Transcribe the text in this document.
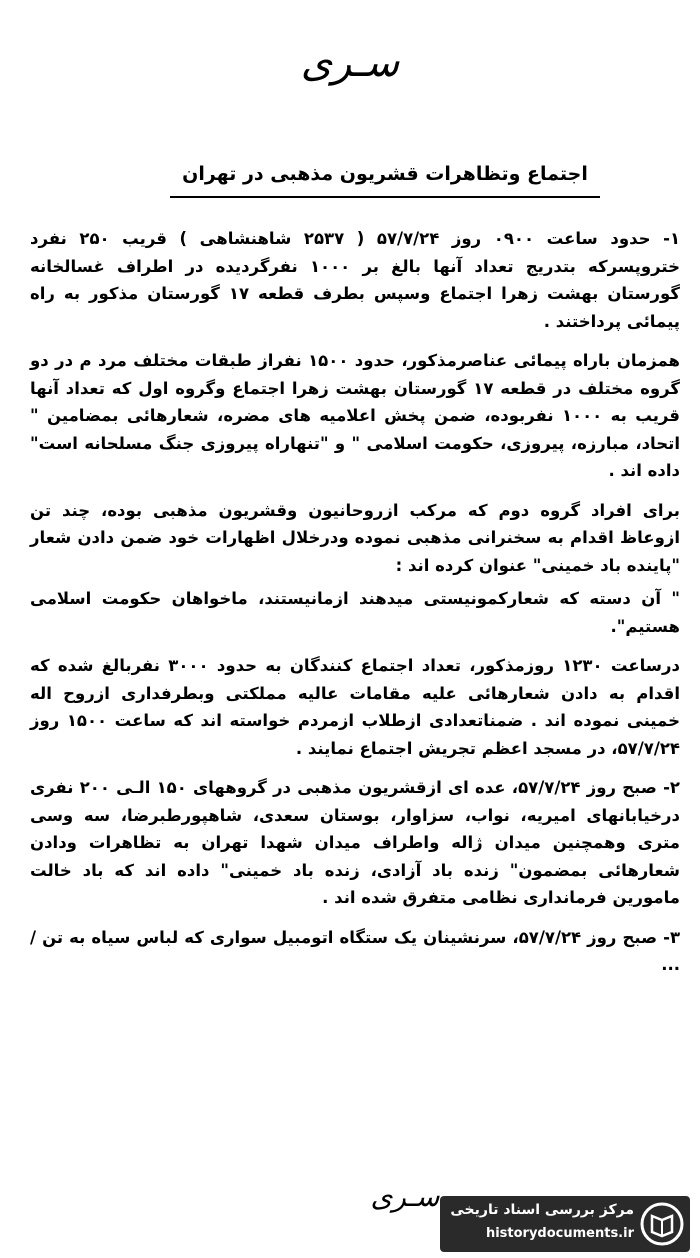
سـرى
اجتماع وتظاهرات قشريون مذهبی در تهران

۱- حدود ساعت ۰۹۰۰ روز ۵۷/۷/۲۴ ( ۲۵۳۷ شاهنشاهی ) قریب ۲۵۰ نفرد ختروپسرکه بتدریج تعداد آنها بالغ بر ۱۰۰۰ نفرگردیده در اطراف غسالخانه گورستان بهشت زهرا اجتماع وسپس بطرف قطعه ۱۷ گورستان مذکور به راه پیمائی پرداختند .

همزمان باراه پیمائی عناصرمذکور، حدود ۱۵۰۰ نفراز طبقات مختلف مرد م در دو گروه مختلف در قطعه ۱۷ گورستان بهشت زهرا اجتماع وگروه اول که تعداد آنها قریب به ۱۰۰۰ نفربوده، ضمن پخش اعلامیه های مضره، شعارهائی بمضامین " اتحاد، مبارزه، پیروزی، حکومت اسلامی " و "تنهاراه پیروزی جنگ مسلحانه است" داده اند .

برای افراد گروه دوم که مرکب ازروحانیون وقشریون مذهبی بوده، چند تن ازوعاظ اقدام به سخنرانی مذهبی نموده ودرخلال اظهارات خود ضمن دادن شعار "پاینده باد خمینی" عنوان کرده اند :

" آن دسته که شعارکمونیستی میدهند ازمانیستند، ماخواهان حکومت اسلامی هستیم".

درساعت ۱۲۳۰ روزمذکور، تعداد اجتماع کنندگان به حدود ۳۰۰۰ نفربالغ شده که اقدام به دادن شعارهائی علیه مقامات عالیه مملکتی وبطرفداری ازروح اله خمینی نموده اند . ضمناتعدادی ازطلاب ازمردم خواسته اند که ساعت ۱۵۰۰ روز ۵۷/۷/۲۴، در مسجد اعظم تجریش اجتماع نمایند .

۲- صبح روز ۵۷/۷/۲۴، عده ای ازقشریون مذهبی در گروههای ۱۵۰ الـی ۲۰۰ نفری درخیابانهای امیریه، نواب، سزاوار، بوستان سعدی، شاهپورطبرضا، سه وسی متری وهمچنین میدان ژاله واطراف میدان شهدا تهران به تظاهرات ودادن شعارهائی بمضمون" زنده باد آزادی، زنده باد خمینی" داده اند که باد خالت مامورین فرمانداری نظامی متفرق شده اند .

۳- صبح روز ۵۷/۷/۲۴، سرنشینان یک ستگاه اتومبیل سواری که لباس سیاه به تن / ...

سـرى مرکز بررسی اسناد تاریخی
historydocuments.ir
